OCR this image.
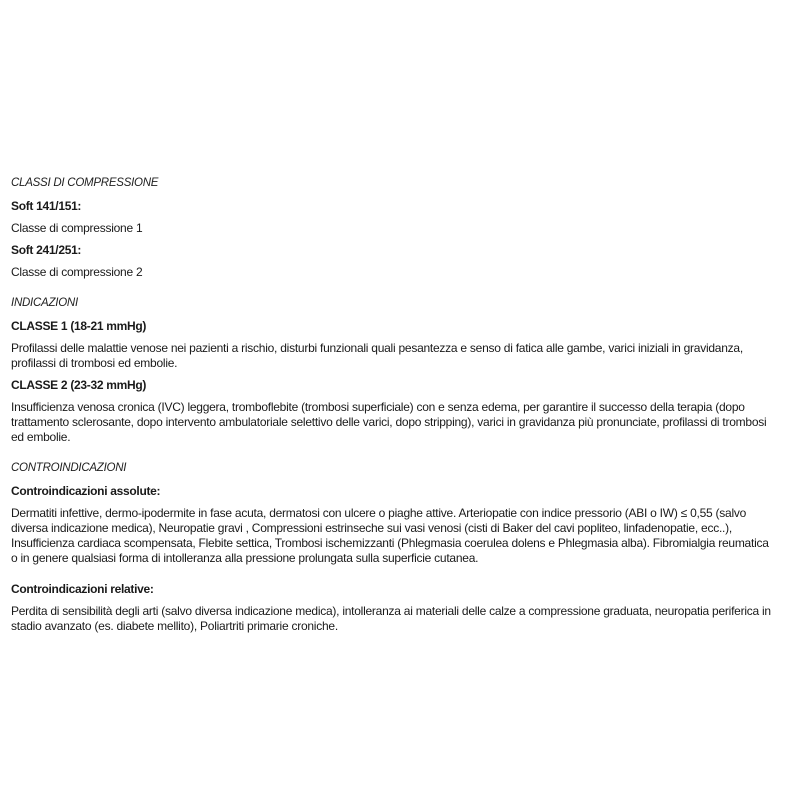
CLASSI DI COMPRESSIONE
Soft 141/151:

Classe di compressione 1

Soft 241/251:

Classe di compressione 2

INDICAZIONI
CLASSE 1 (18-21 mmHg)

Profilassi delle malattie venose nei pazienti a rischio, disturbi funzionali quali pesantezza e senso di fatica alle gambe, varici iniziali in gravidanza, profilassi di trombosi ed embolie.

CLASSE 2 (23-32 mmHg)

Insufficienza venosa cronica (IVC) leggera, tromboflebite (trombosi superficiale) con e senza edema, per garantire il successo della terapia (dopo trattamento sclerosante, dopo intervento ambulatoriale selettivo delle varici, dopo stripping), varici in gravidanza più pronunciate, profilassi di trombosi ed embolie.

CONTROINDICAZIONI
Controindicazioni assolute:

Dermatiti infettive, dermo-ipodermite in fase acuta, dermatosi con ulcere o piaghe attive. Arteriopatie con indice pressorio (ABI o IW) ≤ 0,55 (salvo diversa indicazione medica), Neuropatie gravi , Compressioni estrinseche sui vasi venosi (cisti di Baker del cavi popliteo, linfadenopatie, ecc..), Insufficienza cardiaca scompensata, Flebite settica, Trombosi ischemizzanti (Phlegmasia coerulea dolens e Phlegmasia alba). Fibromialgia reumatica o in genere qualsiasi forma di intolleranza alla pressione prolungata sulla superficie cutanea.

Controindicazioni relative:

Perdita di sensibilità degli arti (salvo diversa indicazione medica), intolleranza ai materiali delle calze a compressione graduata, neuropatia periferica in stadio avanzato (es. diabete mellito), Poliartriti primarie croniche.
